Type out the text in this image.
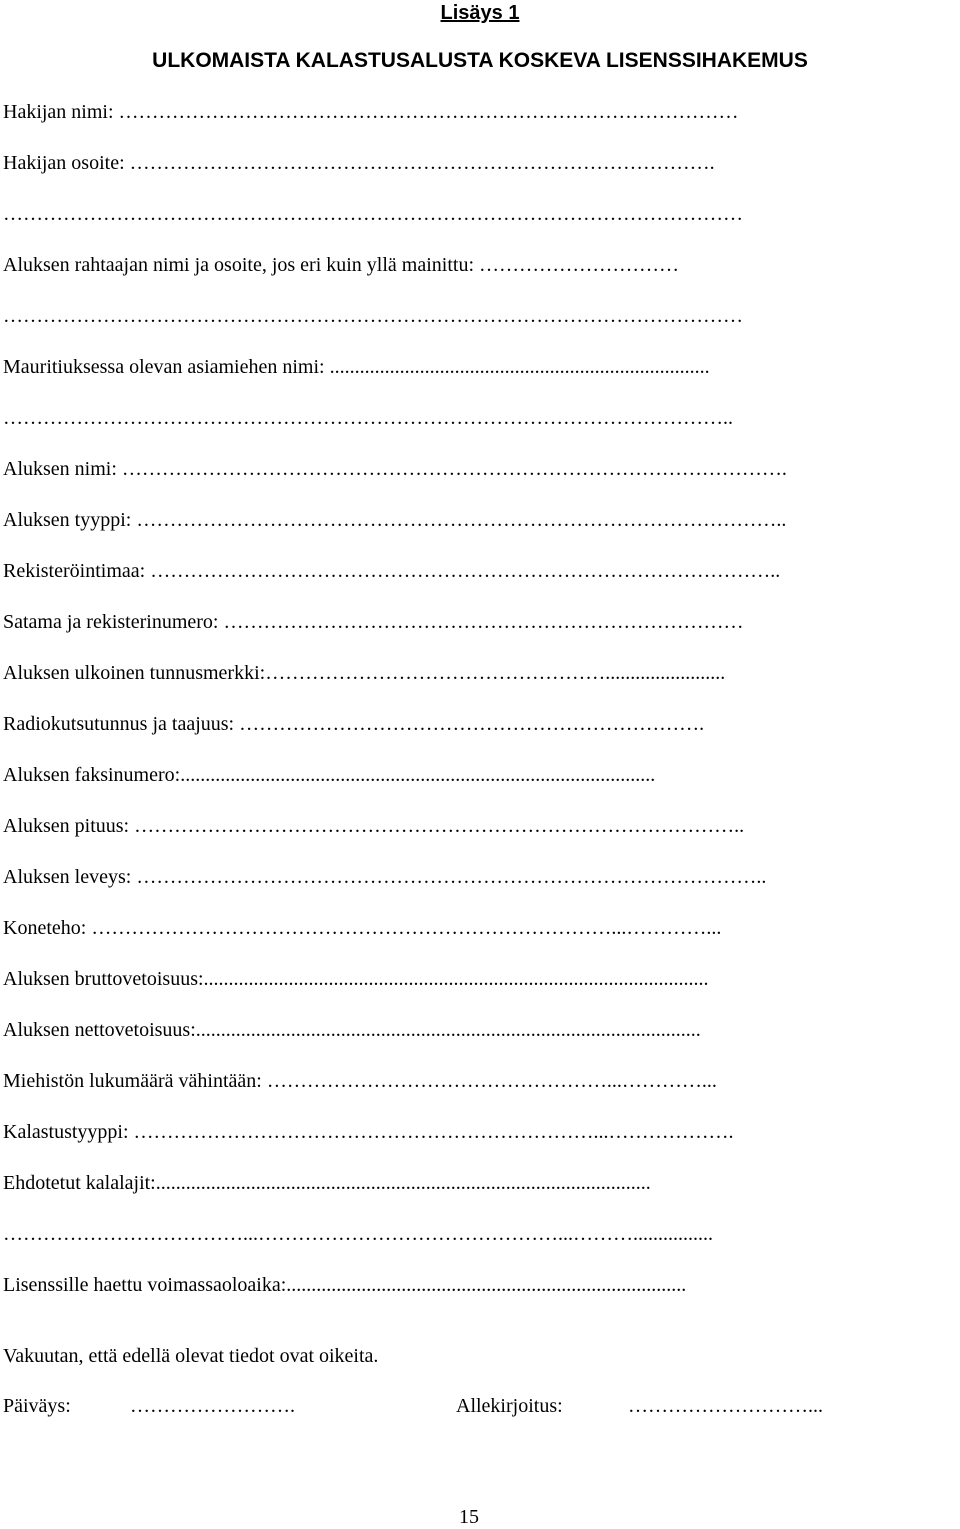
Lisäys 1
ULKOMAISTA KALASTUSALUSTA KOSKEVA LISENSSIHAKEMUS
Hakijan nimi: …………………………………………………………………………………
Hakijan osoite: …………………………………………………………………………….
…………………………………………………………………………………………………
Aluksen rahtaajan nimi ja osoite, jos eri kuin yllä mainittu: …………………………
…………………………………………………………………………………………………
Mauritiuksessa olevan asiamiehen nimi: ............................................................................
………………………………………………………………………………………………..
Aluksen nimi: ……………………………………………………………………………………….
Aluksen tyyppi: ……………………………………………………………………………………..
Rekisteröintimaa: …………………………………………………………………………………..
Satama ja rekisterinumero: ……………………………………………………………………
Aluksen ulkoinen tunnusmerkki:……………………………………………........................
Radiokutsutunnus ja taajuus: …………………………………………………………….
Aluksen faksinumero:...............................................................................................
Aluksen pituus: ………………………………………………………………………………..
Aluksen leveys: …………………………………………………………………………………..
Koneteho: ……………………………………………………………………...…………...
Aluksen bruttovetoisuus:.....................................................................................................
Aluksen nettovetoisuus:.....................................................................................................
Miehistön lukumäärä vähintään: ……………………………………………...…………...
Kalastustyyppi: ……………………………………………………………...……………….
Ehdotetut kalalajit:...................................................................................................
………………………………...………………………………………...………................
Lisenssille haettu voimassaoloaika:................................................................................
Vakuutan, että edellä olevat tiedot ovat oikeita.
Päiväys:	…………………….	Allekirjoitus:	………………………...
15
